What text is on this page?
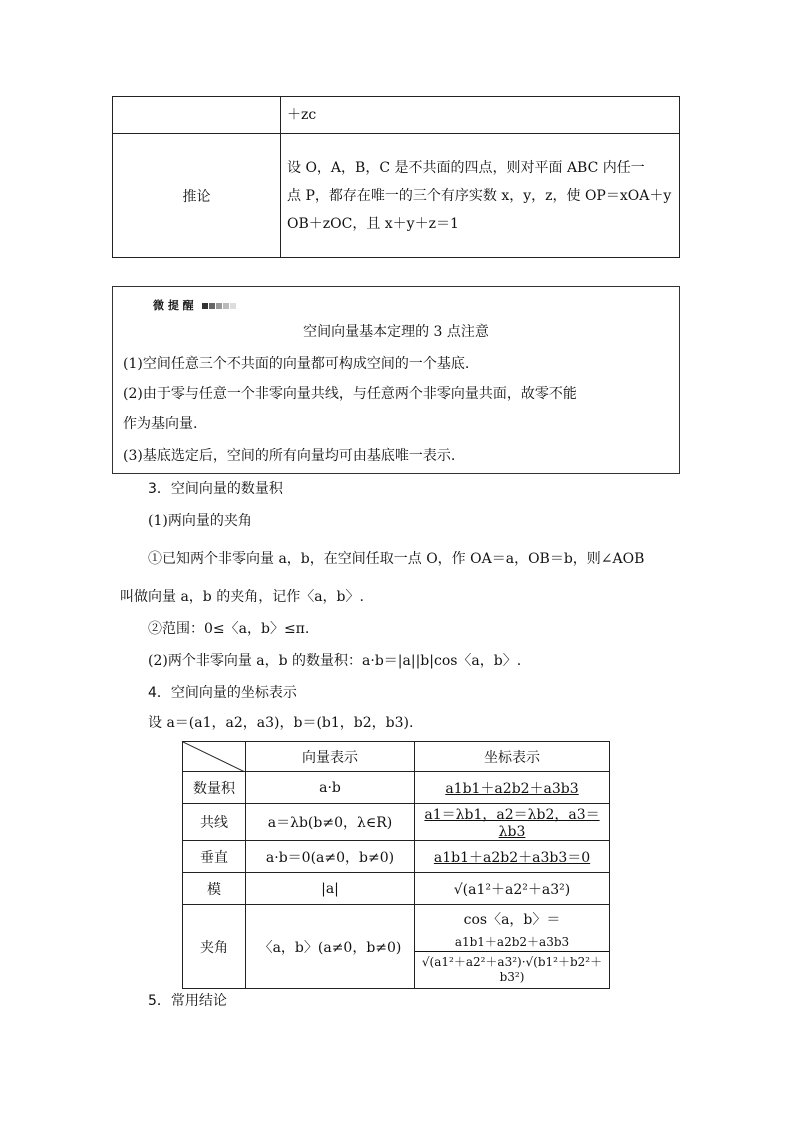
	＋zc
推论	设 O，A，B，C 是不共面的四点，则对平面 ABC 内任一
点 P，都存在唯一的三个有序实数 x，y，z，使 OP＝xOA＋y
OB＋zOC，且 x＋y＋z＝1
微 提 醒
空间向量基本定理的 3 点注意
(1)空间任意三个不共面的向量都可构成空间的一个基底.
(2)由于零与任意一个非零向量共线，与任意两个非零向量共面，故零不能
作为基向量.
(3)基底选定后，空间的所有向量均可由基底唯一表示.
3．空间向量的数量积
(1)两向量的夹角
①已知两个非零向量 a，b，在空间任取一点 O，作 OA＝a，OB＝b，则∠AOB
叫做向量 a，b 的夹角，记作〈a，b〉.
②范围：0≤〈a，b〉≤π.
(2)两个非零向量 a，b 的数量积：a·b＝|a||b|cos〈a，b〉.
4．空间向量的坐标表示
设 a＝(a1，a2，a3)，b＝(b1，b2，b3).
	向量表示	坐标表示
数量积	a·b	a1b1＋a2b2＋a3b3
共线	a＝λb(b≠0，λ∈R)	a1＝λb1，a2＝λb2，a3＝λb3
垂直	a·b＝0(a≠0，b≠0)	a1b1＋a2b2＋a3b3＝0
模	|a|	√(a1²＋a2²＋a3²)
夹角	〈a，b〉(a≠0，b≠0)	cos〈a，b〉＝
$\frac{a1b1+a2b2+a3b3}{\text{√(a1²＋a2²＋a3²)·√(b1²＋b2²＋b3²)}}$
5．常用结论
